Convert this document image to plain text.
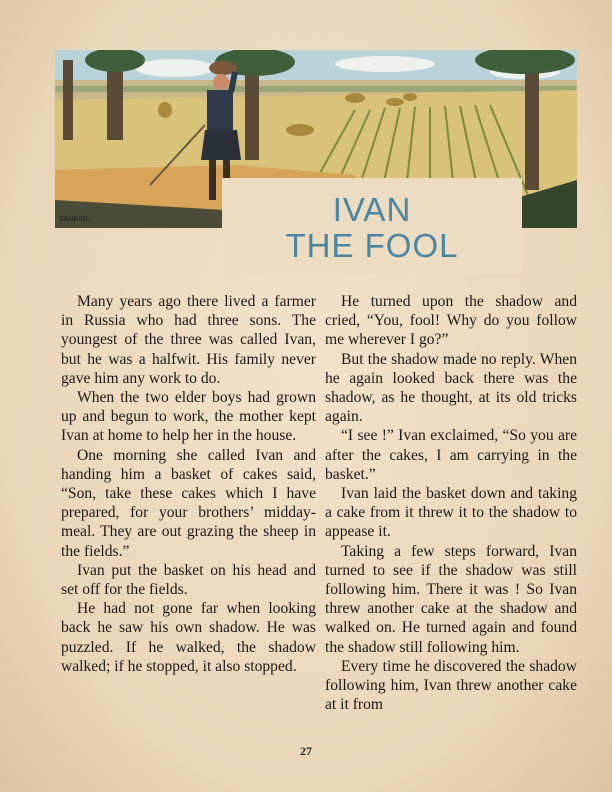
SANKAR...	IVAN
THE FOOL

Many years ago there lived a farmer in Russia who had three sons. The youngest of the three was called Ivan, but he was a halfwit. His family never gave him any work to do.

When the two elder boys had grown up and begun to work, the mother kept Ivan at home to help her in the house.

One morning she called Ivan and handing him a basket of cakes said, “Son, take these cakes which I have prepared, for your brothers’ midday-meal. They are out grazing the sheep in the fields.”

Ivan put the basket on his head and set off for the fields.

He had not gone far when looking back he saw his own shadow. He was puzzled. If he walked, the shadow walked; if he stopped, it also stopped.

He turned upon the shadow and cried, “You, fool! Why do you follow me wherever I go?”

But the shadow made no reply. When he again looked back there was the shadow, as he thought, at its old tricks again.

“I see !” Ivan exclaimed, “So you are after the cakes, I am carrying in the basket.”

Ivan laid the basket down and taking a cake from it threw it to the shadow to appease it.

Taking a few steps forward, Ivan turned to see if the shadow was still following him. There it was ! So Ivan threw another cake at the shadow and walked on. He turned again and found the shadow still following him.

Every time he discovered the shadow following him, Ivan threw another cake at it from

27
